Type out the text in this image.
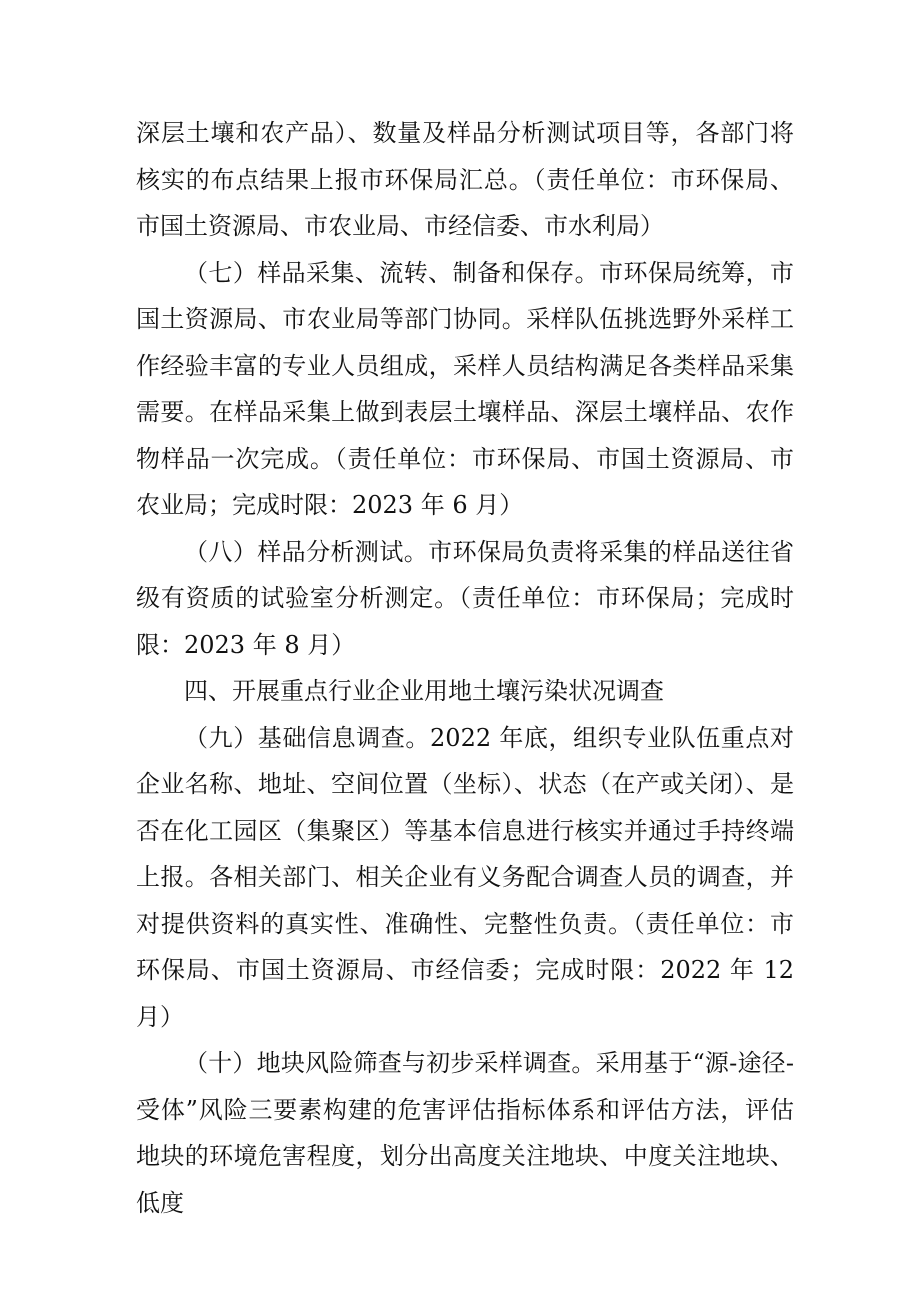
深层土壤和农产品）、数量及样品分析测试项目等，各部门将核实的布点结果上报市环保局汇总。（责任单位：市环保局、市国土资源局、市农业局、市经信委、市水利局）

（七）样品采集、流转、制备和保存。市环保局统筹，市国土资源局、市农业局等部门协同。采样队伍挑选野外采样工作经验丰富的专业人员组成，采样人员结构满足各类样品采集需要。在样品采集上做到表层土壤样品、深层土壤样品、农作物样品一次完成。（责任单位：市环保局、市国土资源局、市农业局；完成时限：2023 年 6 月）

（八）样品分析测试。市环保局负责将采集的样品送往省级有资质的试验室分析测定。（责任单位：市环保局；完成时限：2023 年 8 月）

四、开展重点行业企业用地土壤污染状况调查

（九）基础信息调查。2022 年底，组织专业队伍重点对企业名称、地址、空间位置（坐标）、状态（在产或关闭）、是否在化工园区（集聚区）等基本信息进行核实并通过手持终端上报。各相关部门、相关企业有义务配合调查人员的调查，并对提供资料的真实性、准确性、完整性负责。（责任单位：市环保局、市国土资源局、市经信委；完成时限：2022 年 12 月）

（十）地块风险筛查与初步采样调查。采用基于“源-途径-受体”风险三要素构建的危害评估指标体系和评估方法，评估地块的环境危害程度，划分出高度关注地块、中度关注地块、低度
